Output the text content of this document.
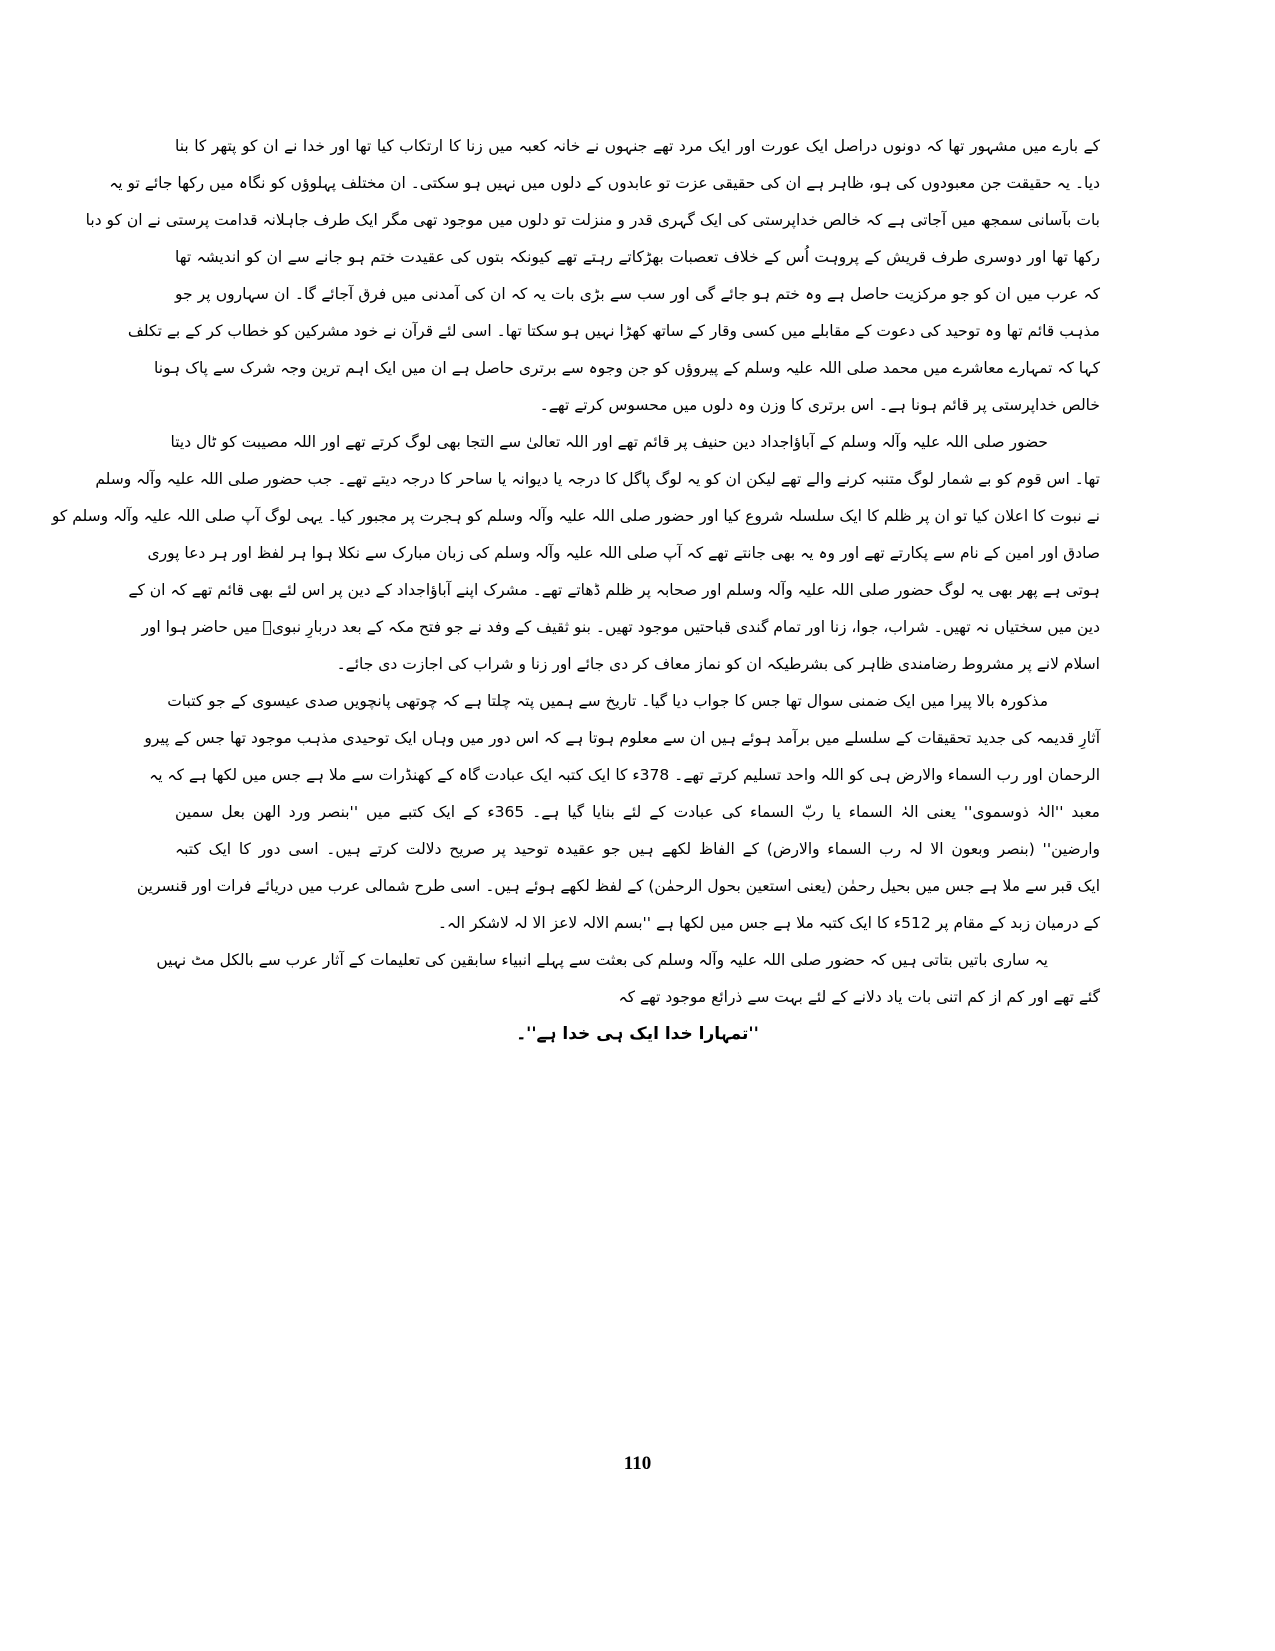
کے بارے میں مشہور تھا کہ دونوں دراصل ایک عورت اور ایک مرد تھے جنہوں نے خانہ کعبہ میں زنا کا ارتکاب کیا تھا اور خدا نے ان کو پتھر کا بنا
دیا۔ یہ حقیقت جن معبودوں کی ہو، ظاہر ہے ان کی حقیقی عزت تو عابدوں کے دلوں میں نہیں ہو سکتی۔ ان مختلف پہلوؤں کو نگاہ میں رکھا جائے تو یہ
بات بآسانی سمجھ میں آجاتی ہے کہ خالص خداپرستی کی ایک گہری قدر و منزلت تو دلوں میں موجود تھی مگر ایک طرف جاہلانہ قدامت پرستی نے ان کو دبا
رکھا تھا اور دوسری طرف قریش کے پروہت اُس کے خلاف تعصبات بھڑکاتے رہتے تھے کیونکہ بتوں کی عقیدت ختم ہو جانے سے ان کو اندیشہ تھا
کہ عرب میں ان کو جو مرکزیت حاصل ہے وہ ختم ہو جائے گی اور سب سے بڑی بات یہ کہ ان کی آمدنی میں فرق آجائے گا۔ ان سہاروں پر جو
مذہب قائم تھا وہ توحید کی دعوت کے مقابلے میں کسی وقار کے ساتھ کھڑا نہیں ہو سکتا تھا۔ اسی لئے قرآن نے خود مشرکین کو خطاب کر کے بے تکلف
کہا کہ تمہارے معاشرے میں محمد صلی اللہ علیہ وسلم کے پیروؤں کو جن وجوہ سے برتری حاصل ہے ان میں ایک اہم ترین وجہ شرک سے پاک ہونا
خالص خداپرستی پر قائم ہونا ہے۔ اس برتری کا وزن وہ دلوں میں محسوس کرتے تھے۔
حضور صلی اللہ علیہ وآلہ وسلم کے آباؤاجداد دین حنیف پر قائم تھے اور اللہ تعالیٰ سے التجا بھی لوگ کرتے تھے اور اللہ مصیبت کو ٹال دیتا
تھا۔ اس قوم کو بے شمار لوگ متنبہ کرنے والے تھے لیکن ان کو یہ لوگ پاگل کا درجہ یا دیوانہ یا ساحر کا درجہ دیتے تھے۔ جب حضور صلی اللہ علیہ وآلہ وسلم
نے نبوت کا اعلان کیا تو ان پر ظلم کا ایک سلسلہ شروع کیا اور حضور صلی اللہ علیہ وآلہ وسلم کو ہجرت پر مجبور کیا۔ یہی لوگ آپ صلی اللہ علیہ وآلہ وسلم کو
صادق اور امین کے نام سے پکارتے تھے اور وہ یہ بھی جانتے تھے کہ آپ صلی اللہ علیہ وآلہ وسلم کی زبان مبارک سے نکلا ہوا ہر لفظ اور ہر دعا پوری
ہوتی ہے پھر بھی یہ لوگ حضور صلی اللہ علیہ وآلہ وسلم اور صحابہ پر ظلم ڈھاتے تھے۔ مشرک اپنے آباؤاجداد کے دین پر اس لئے بھی قائم تھے کہ ان کے
دین میں سختیاں نہ تھیں۔ شراب، جوا، زنا اور تمام گندی قباحتیں موجود تھیں۔ بنو ثقیف کے وفد نے جو فتح مکہ کے بعد دربارِ نبویؐ میں حاضر ہوا اور
اسلام لانے پر مشروط رضامندی ظاہر کی بشرطیکہ ان کو نماز معاف کر دی جائے اور زنا و شراب کی اجازت دی جائے۔
مذکورہ بالا پیرا میں ایک ضمنی سوال تھا جس کا جواب دیا گیا۔ تاریخ سے ہمیں پتہ چلتا ہے کہ چوتھی پانچویں صدی عیسوی کے جو کتبات
آثارِ قدیمہ کی جدید تحقیقات کے سلسلے میں برآمد ہوئے ہیں ان سے معلوم ہوتا ہے کہ اس دور میں وہاں ایک توحیدی مذہب موجود تھا جس کے پیرو
الرحمان اور رب السماء والارض ہی کو اللہ واحد تسلیم کرتے تھے۔ 378ء کا ایک کتبہ ایک عبادت گاہ کے کھنڈرات سے ملا ہے جس میں لکھا ہے کہ یہ
معبد ''الہٰ ذوسموی'' یعنی الہٰ السماء یا ربّ السماء کی عبادت کے لئے بنایا گیا ہے۔ 365ء کے ایک کتبے میں ''بنصر ورد الھن بعل سمین
وارضین'' (بنصر وبعون الا لہ رب السماء والارض) کے الفاظ لکھے ہیں جو عقیدہ توحید پر صریح دلالت کرتے ہیں۔ اسی دور کا ایک کتبہ
ایک قبر سے ملا ہے جس میں بحیل رحمٰن (یعنی استعین بحول الرحمٰن) کے لفظ لکھے ہوئے ہیں۔ اسی طرح شمالی عرب میں دریائے فرات اور قنسرین
کے درمیان زبد کے مقام پر 512ء کا ایک کتبہ ملا ہے جس میں لکھا ہے ''بسم الالہ لاعز الا لہ لاشکر الہ۔
یہ ساری باتیں بتاتی ہیں کہ حضور صلی اللہ علیہ وآلہ وسلم کی بعثت سے پہلے انبیاء سابقین کی تعلیمات کے آثار عرب سے بالکل مٹ نہیں
گئے تھے اور کم از کم اتنی بات یاد دلانے کے لئے بہت سے ذرائع موجود تھے کہ
''تمہارا خدا ایک ہی خدا ہے''۔
110
